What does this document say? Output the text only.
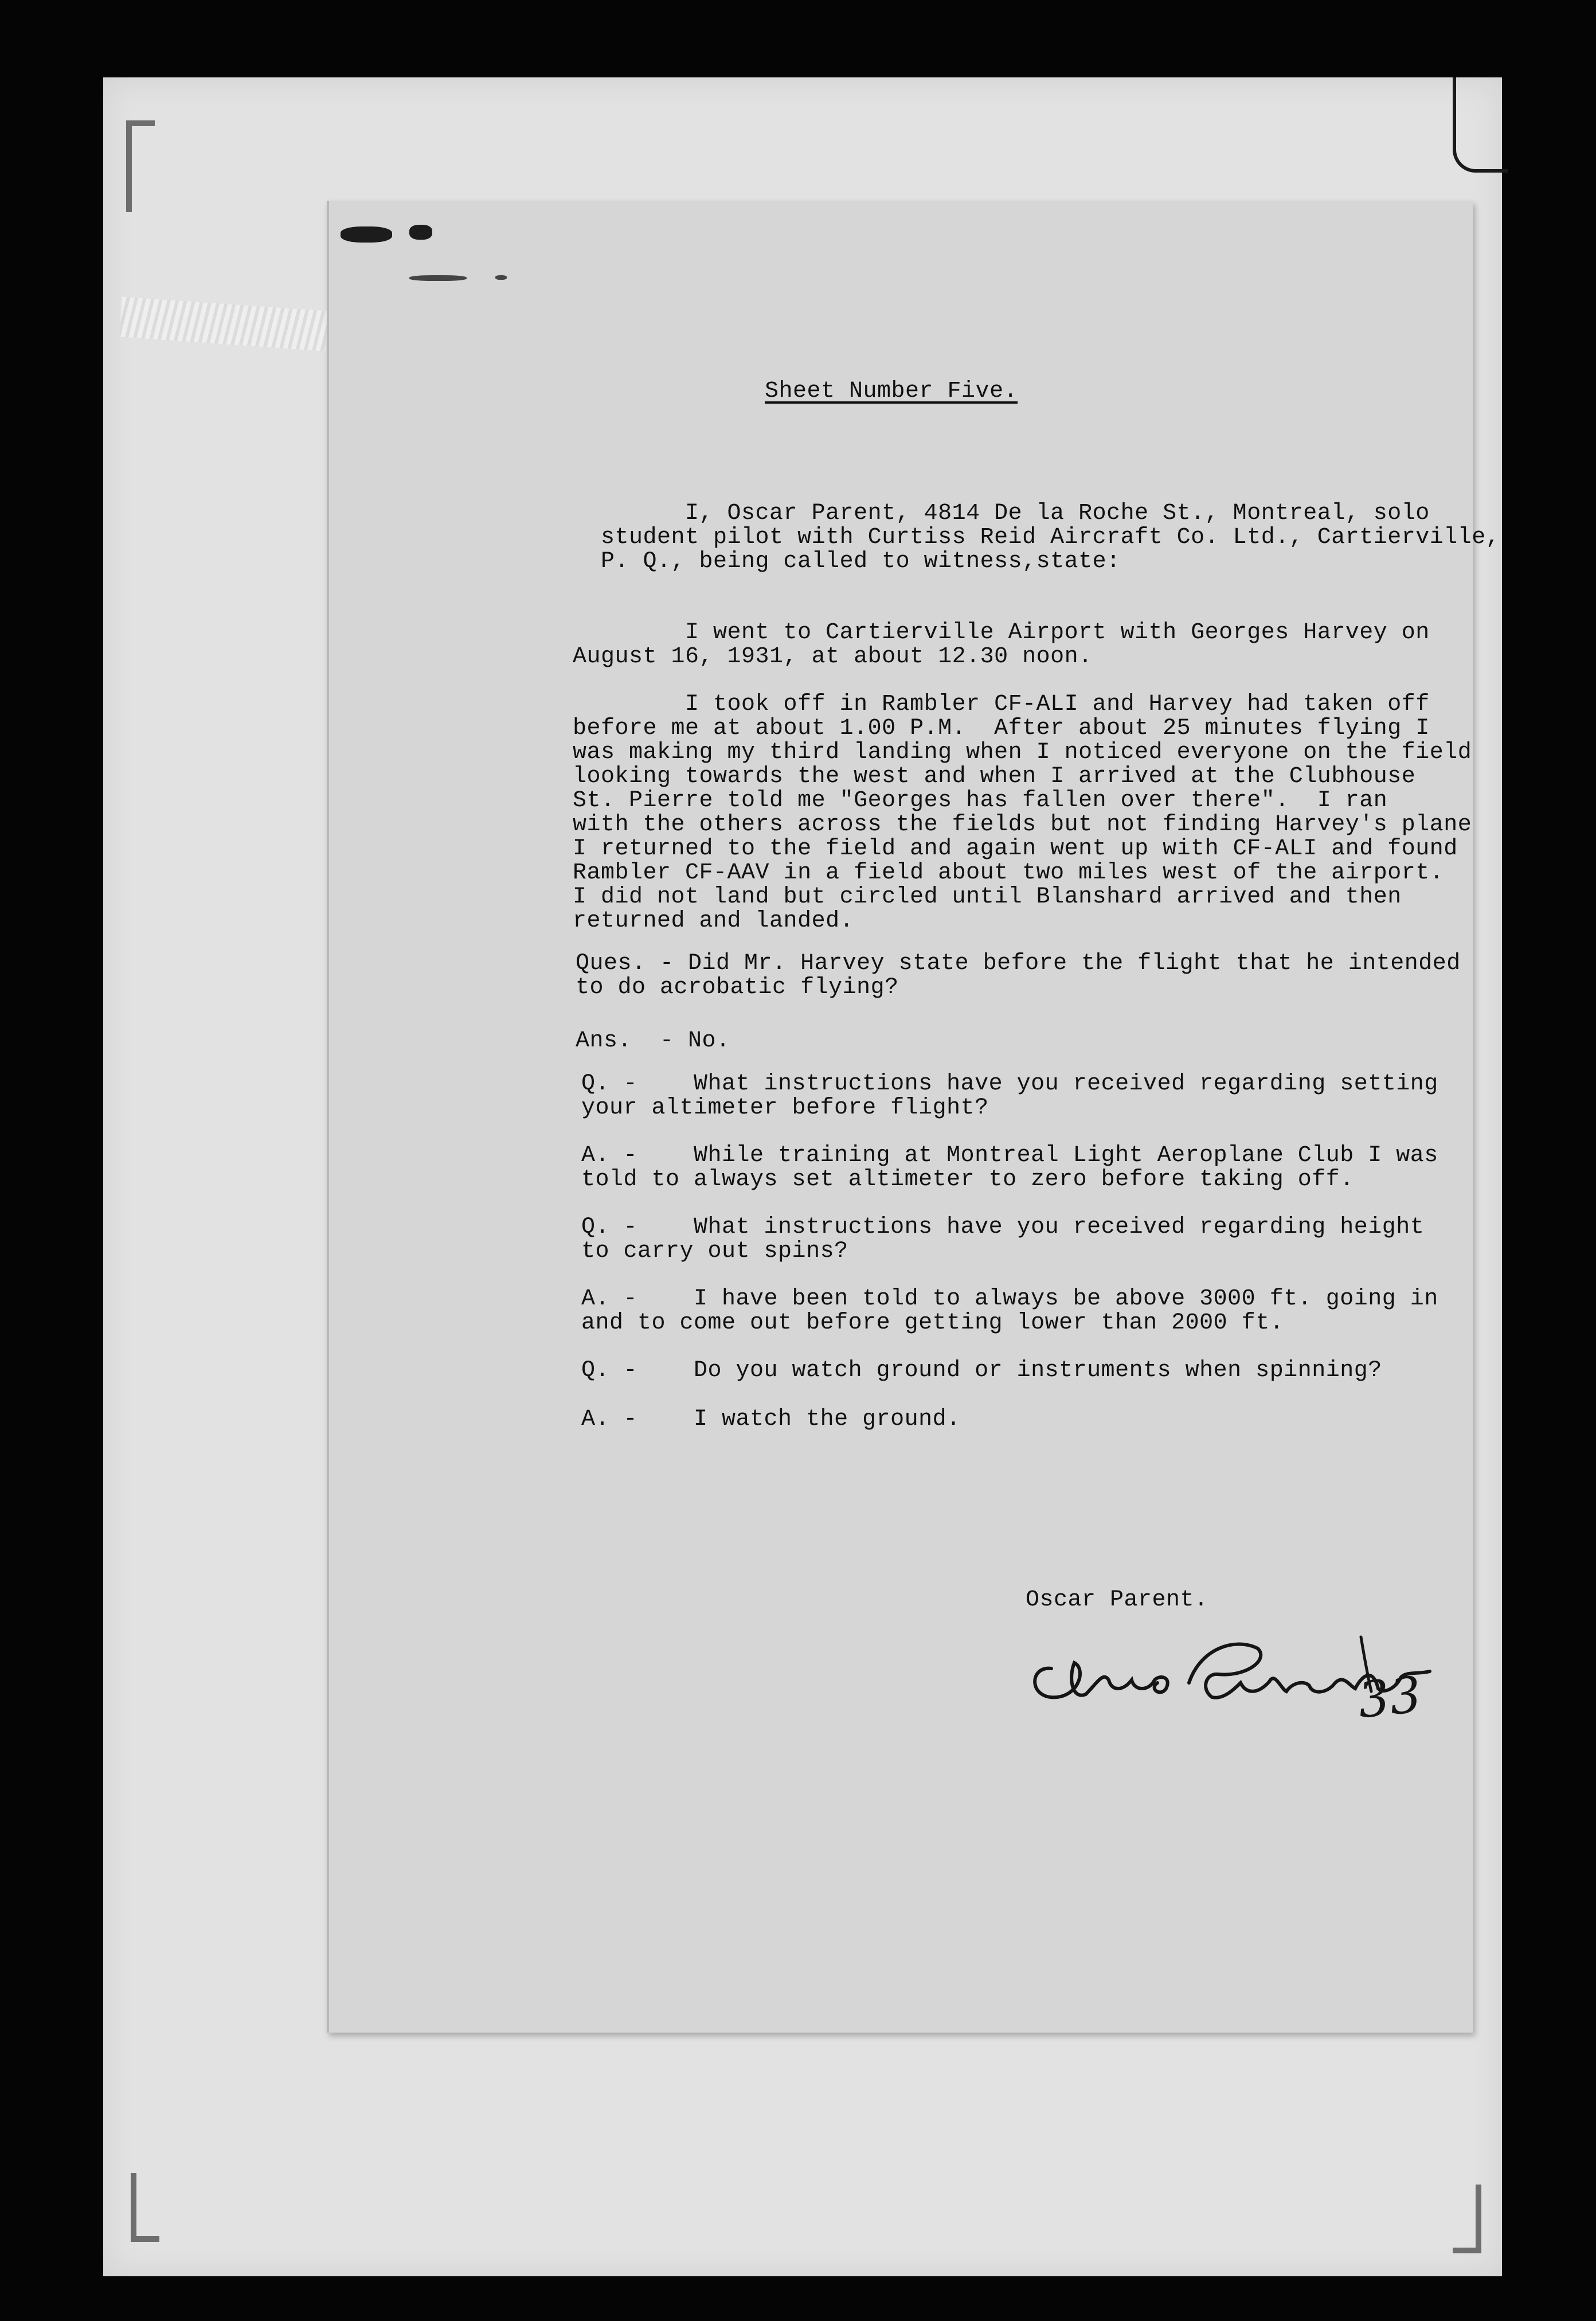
Sheet Number Five.
I, Oscar Parent, 4814 De la Roche St., Montreal, solo
student pilot with Curtiss Reid Aircraft Co. Ltd., Cartierville,
P. Q., being called to witness,state:
I went to Cartierville Airport with Georges Harvey on
August 16, 1931, at about 12.30 noon.
I took off in Rambler CF-ALI and Harvey had taken off
before me at about 1.00 P.M.  After about 25 minutes flying I
was making my third landing when I noticed everyone on the field
looking towards the west and when I arrived at the Clubhouse
St. Pierre told me "Georges has fallen over there".  I ran
with the others across the fields but not finding Harvey's plane
I returned to the field and again went up with CF-ALI and found
Rambler CF-AAV in a field about two miles west of the airport.
I did not land but circled until Blanshard arrived and then
returned and landed.
Ques. - Did Mr. Harvey state before the flight that he intended
to do acrobatic flying?
Ans.  - No.
Q. -    What instructions have you received regarding setting
your altimeter before flight?
A. -    While training at Montreal Light Aeroplane Club I was
told to always set altimeter to zero before taking off.
Q. -    What instructions have you received regarding height
to carry out spins?
A. -    I have been told to always be above 3000 ft. going in
and to come out before getting lower than 2000 ft.
Q. -    Do you watch ground or instruments when spinning?
A. -    I watch the ground.
Oscar Parent.
33
